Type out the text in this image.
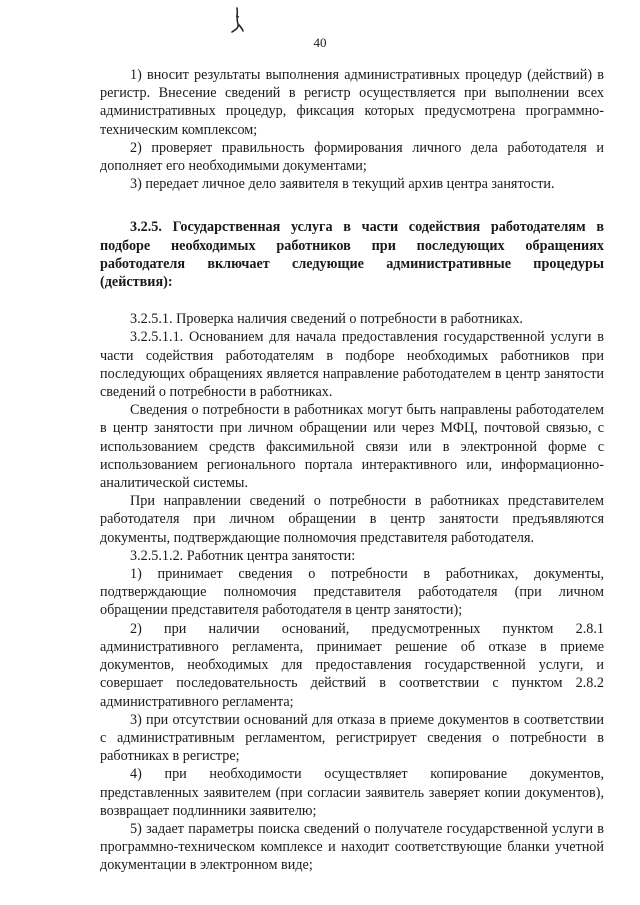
40

1) вносит результаты выполнения административных процедур (действий) в регистр. Внесение сведений в регистр осуществляется при выполнении всех административных процедур, фиксация которых предусмотрена программно-техническим комплексом;

2) проверяет правильность формирования личного дела работодателя и дополняет его необходимыми документами;

3) передает личное дело заявителя в текущий архив центра занятости.

3.2.5. Государственная услуга в части содействия работодателям в подборе необходимых работников при последующих обращениях работодателя включает следующие административные процедуры (действия):

3.2.5.1. Проверка наличия сведений о потребности в работниках.

3.2.5.1.1. Основанием для начала предоставления государственной услуги в части содействия работодателям в подборе необходимых работников при последующих обращениях является направление работодателем в центр занятости сведений о потребности в работниках.

Сведения о потребности в работниках могут быть направлены работодателем в центр занятости при личном обращении или через МФЦ, почтовой связью, с использованием средств факсимильной связи или в электронной форме с использованием регионального портала интерактивного или, информационно-аналитической системы.

При направлении сведений о потребности в работниках представителем работодателя при личном обращении в центр занятости предъявляются документы, подтверждающие полномочия представителя работодателя.

3.2.5.1.2. Работник центра занятости:

1) принимает сведения о потребности в работниках, документы, подтверждающие полномочия представителя работодателя (при личном обращении представителя работодателя в центр занятости);

2) при наличии оснований, предусмотренных пунктом 2.8.1 административного регламента, принимает решение об отказе в приеме документов, необходимых для предоставления государственной услуги, и совершает последовательность действий в соответствии с пунктом 2.8.2 административного регламента;

3) при отсутствии оснований для отказа в приеме документов в соответствии с административным регламентом, регистрирует сведения о потребности в работниках в регистре;

4) при необходимости осуществляет копирование документов, представленных заявителем (при согласии заявитель заверяет копии документов), возвращает подлинники заявителю;

5) задает параметры поиска сведений о получателе государственной услуги в программно-техническом комплексе и находит соответствующие бланки учетной документации в электронном виде;
